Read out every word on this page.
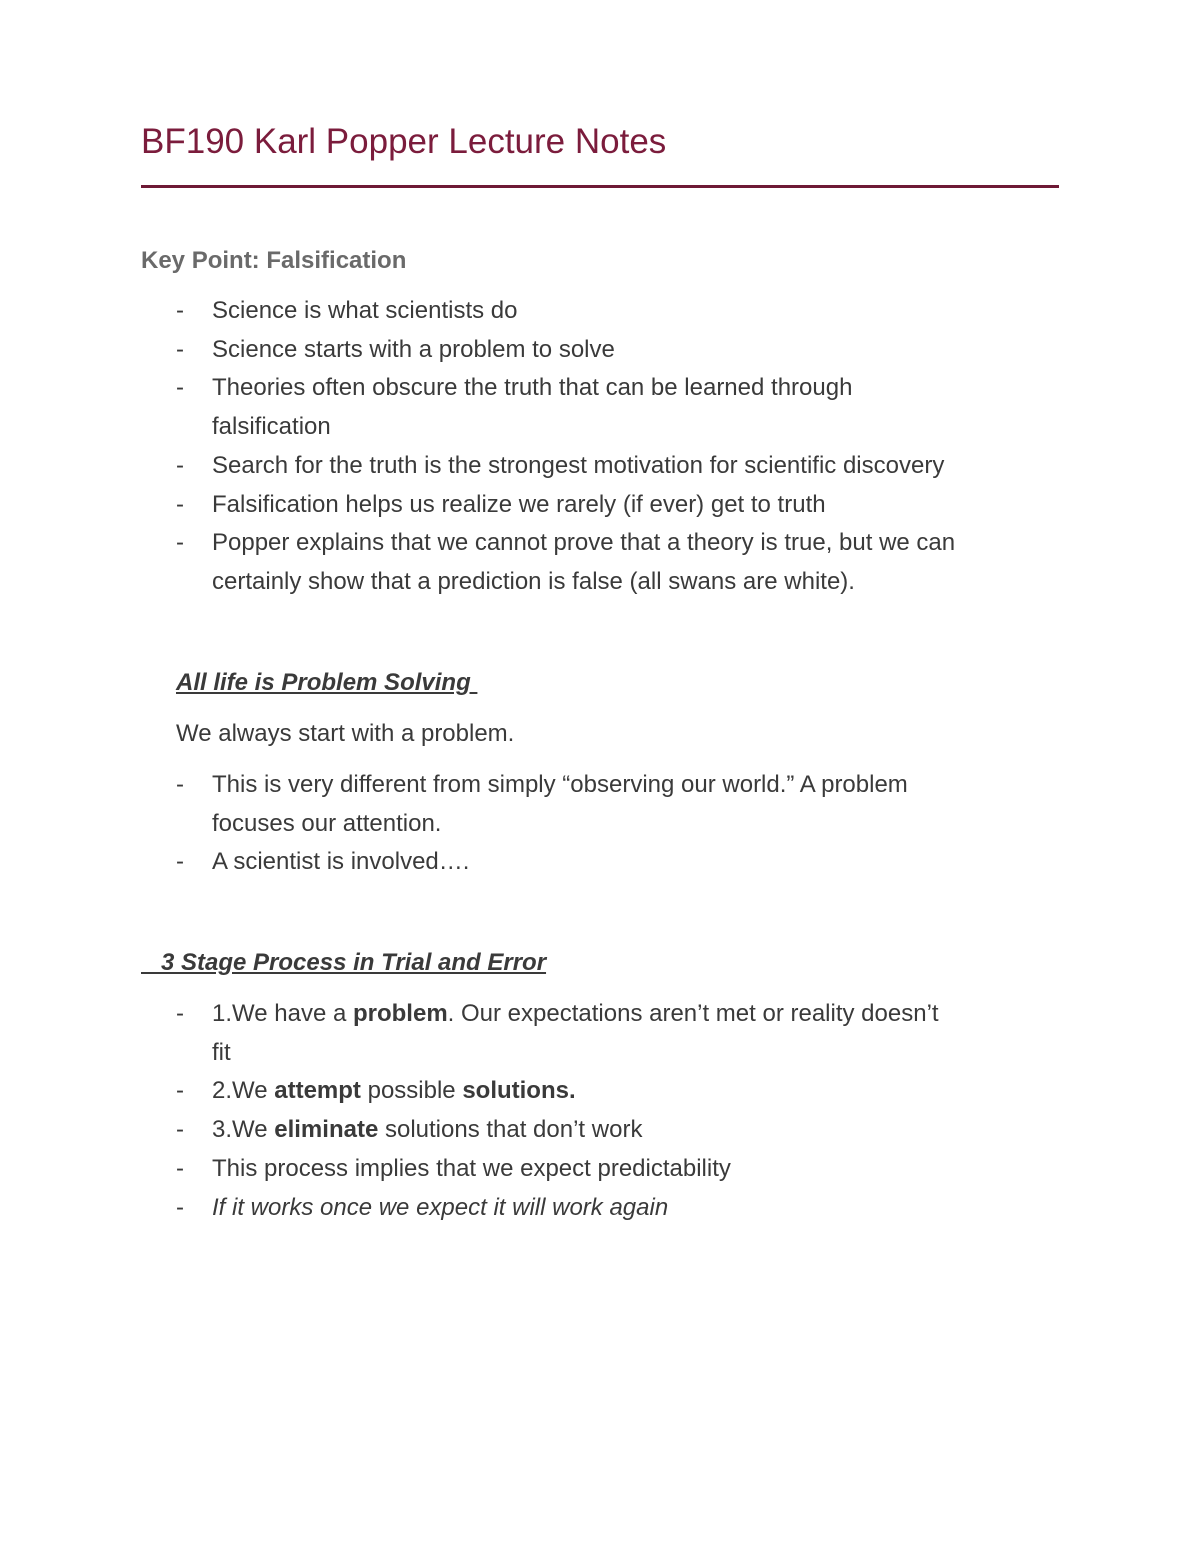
BF190 Karl Popper Lecture Notes
Key Point: Falsification
- Science is what scientists do
- Science starts with a problem to solve
- Theories often obscure the truth that can be learned through
falsification
- Search for the truth is the strongest motivation for scientific discovery
- Falsification helps us realize we rarely (if ever) get to truth
- Popper explains that we cannot prove that a theory is true, but we can
certainly show that a prediction is false (all swans are white).
All life is Problem Solving

We always start with a problem.

- This is very different from simply “observing our world.” A problem
focuses our attention.
- A scientist is involved….
3 Stage Process in Trial and Error
- 1.We have a problem. Our expectations aren’t met or reality doesn’t
fit
- 2.We attempt possible solutions.
- 3.We eliminate solutions that don’t work
- This process implies that we expect predictability
- If it works once we expect it will work again
